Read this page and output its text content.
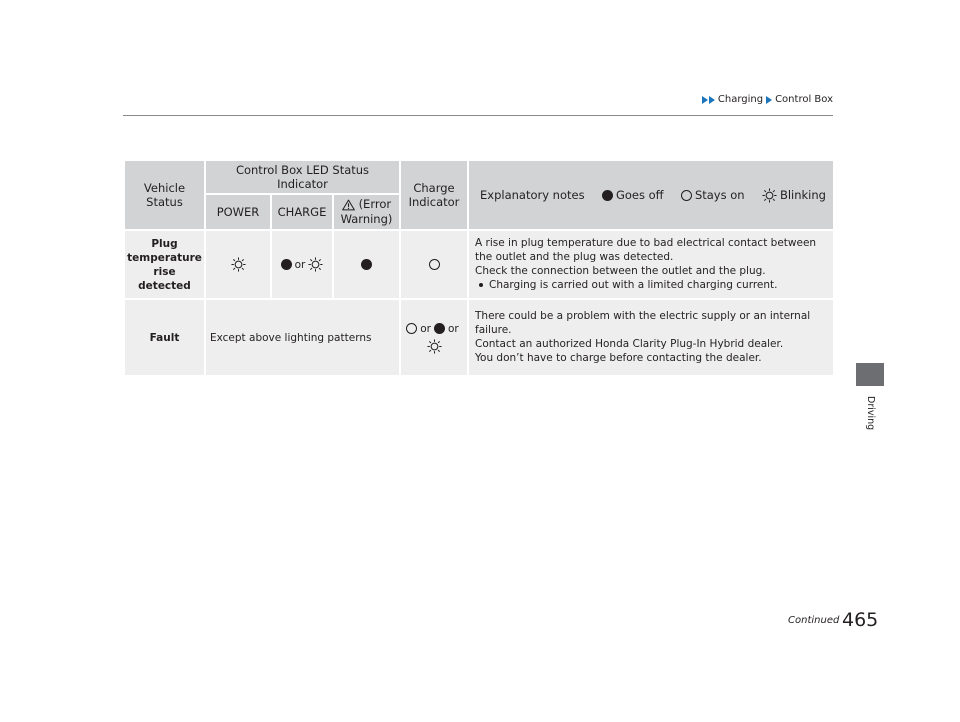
Charging Control Box
Driving
Vehicle Status	Control Box LED Status Indicator			Charge Indicator	Explanatory notes Goes off Stays on Blinking

	POWER	CHARGE	(Error Warning)		
Plug temperature rise detected		or			A rise in plug temperature due to bad electrical contact between the outlet and the plug was detected.
Check the connection between the outlet and the plug.
Charging is carried out with a limited charging current.

Fault	Except above lighting patterns			or or	There could be a problem with the electric supply or an internal failure.
Contact an authorized Honda Clarity Plug-In Hybrid dealer.
You don’t have to charge before contacting the dealer.
Continued 465
